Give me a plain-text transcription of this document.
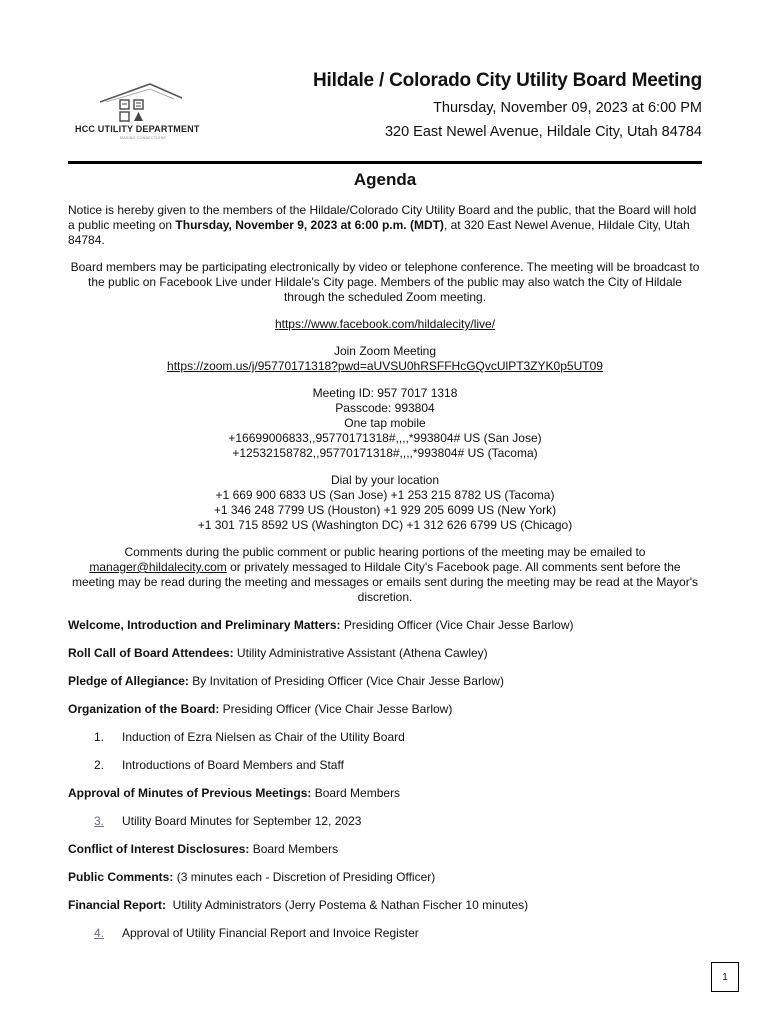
HCC UTILITY DEPARTMENT
MAKING CONNECTIONS
Hildale / Colorado City Utility Board Meeting
Thursday, November 09, 2023 at 6:00 PM
320 East Newel Avenue, Hildale City, Utah 84784
Agenda

Notice is hereby given to the members of the Hildale/Colorado City Utility Board and the public, that the Board will hold a public meeting on Thursday, November 9, 2023 at 6:00 p.m. (MDT), at 320 East Newel Avenue, Hildale City, Utah 84784.

Board members may be participating electronically by video or telephone conference. The meeting will be broadcast to the public on Facebook Live under Hildale's City page. Members of the public may also watch the City of Hildale through the scheduled Zoom meeting.

https://www.facebook.com/hildalecity/live/

Join Zoom Meeting

https://zoom.us/j/95770171318?pwd=aUVSU0hRSFFHcGQvcUlPT3ZYK0p5UT09

Meeting ID: 957 7017 1318

Passcode: 993804

One tap mobile

+16699006833,,95770171318#,,,,*993804# US (San Jose)

+12532158782,,95770171318#,,,,*993804# US (Tacoma)

Dial by your location

+1 669 900 6833 US (San Jose) +1 253 215 8782 US (Tacoma)

+1 346 248 7799 US (Houston) +1 929 205 6099 US (New York)

+1 301 715 8592 US (Washington DC) +1 312 626 6799 US (Chicago)

Comments during the public comment or public hearing portions of the meeting may be emailed to
manager@hildalecity.com or privately messaged to Hildale City's Facebook page. All comments sent before the meeting may be read during the meeting and messages or emails sent during the meeting may be read at the Mayor's discretion.

Welcome, Introduction and Preliminary Matters: Presiding Officer (Vice Chair Jesse Barlow)

Roll Call of Board Attendees: Utility Administrative Assistant (Athena Cawley)

Pledge of Allegiance: By Invitation of Presiding Officer (Vice Chair Jesse Barlow)

Organization of the Board: Presiding Officer (Vice Chair Jesse Barlow)

1. Induction of Ezra Nielsen as Chair of the Utility Board
2. Introductions of Board Members and Staff

Approval of Minutes of Previous Meetings: Board Members

3. Utility Board Minutes for September 12, 2023

Conflict of Interest Disclosures: Board Members

Public Comments: (3 minutes each - Discretion of Presiding Officer)

Financial Report:  Utility Administrators (Jerry Postema & Nathan Fischer 10 minutes)

4. Approval of Utility Financial Report and Invoice Register
1
